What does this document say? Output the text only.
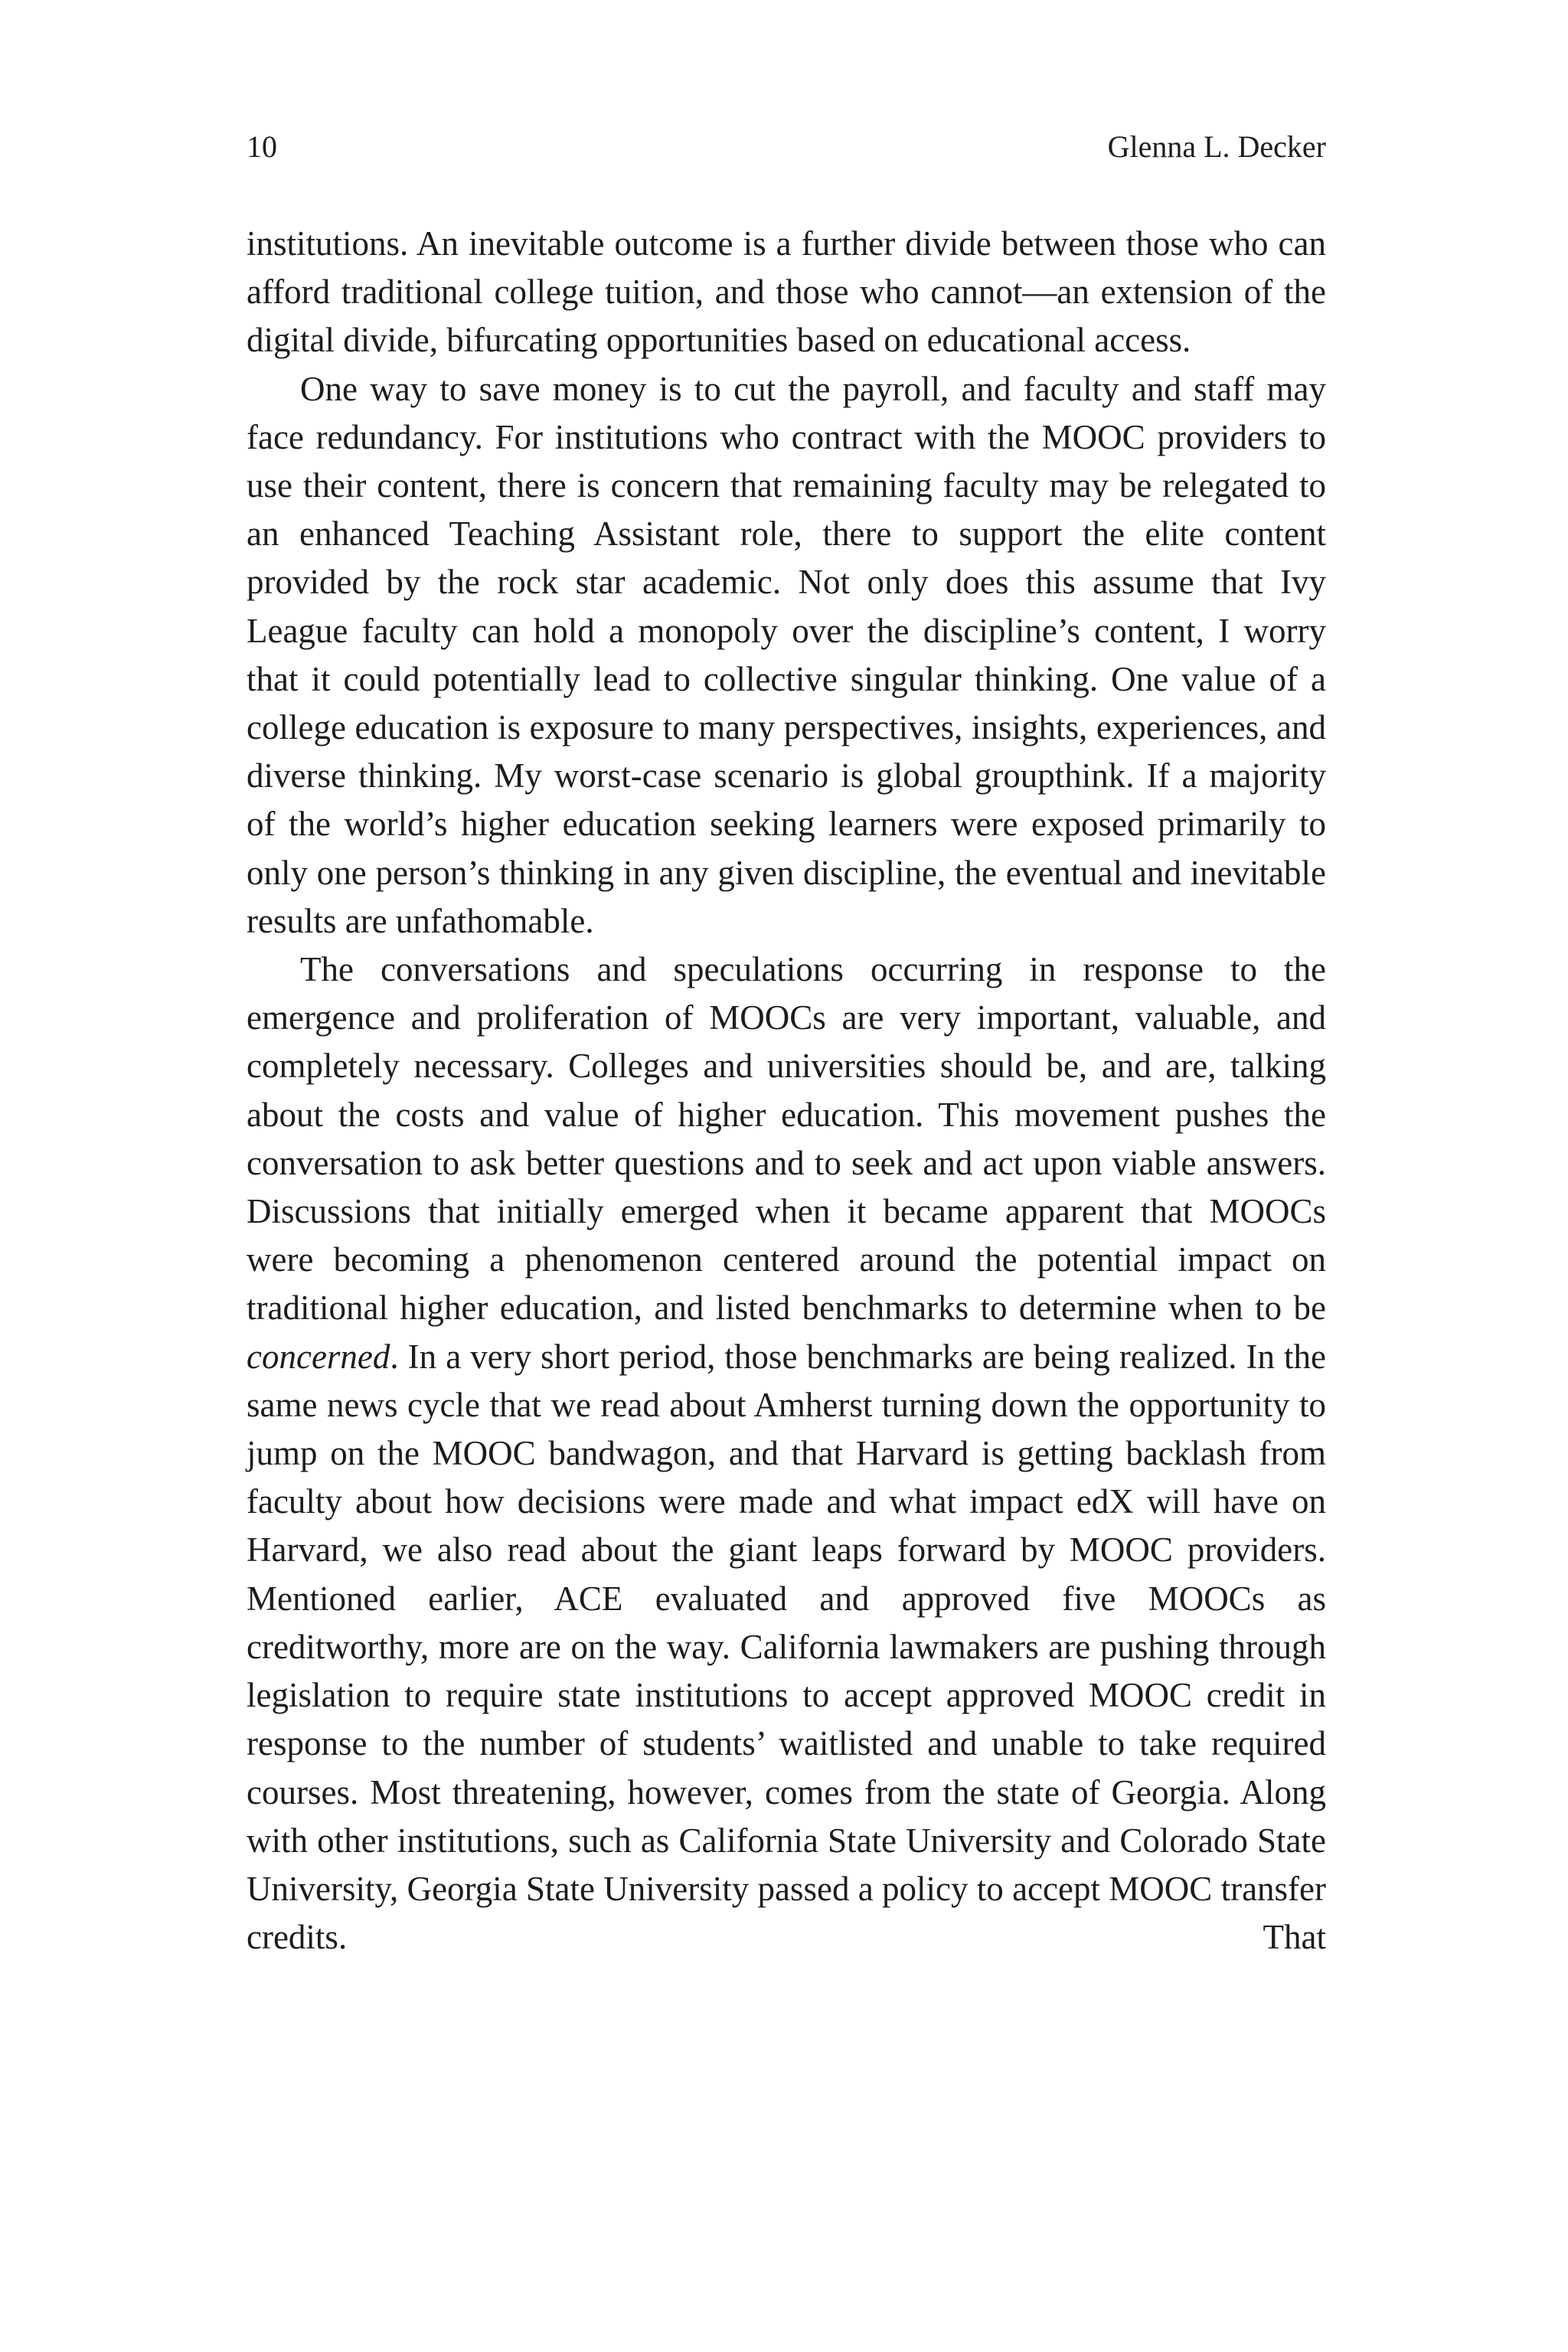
10	Glenna L. Decker

institutions. An inevitable outcome is a further divide between those who can afford traditional college tuition, and those who cannot—an extension of the digital divide, bifurcating opportunities based on educational access.

One way to save money is to cut the payroll, and faculty and staff may face redundancy. For institutions who contract with the MOOC providers to use their content, there is concern that remaining faculty may be relegated to an enhanced Teaching Assistant role, there to support the elite content provided by the rock star academic. Not only does this assume that Ivy League faculty can hold a monopoly over the discipline’s content, I worry that it could potentially lead to collective singular thinking. One value of a college education is exposure to many perspectives, insights, experiences, and diverse thinking. My worst-case scenario is global groupthink. If a majority of the world’s higher education seeking learners were exposed primarily to only one person’s thinking in any given discipline, the eventual and inevitable results are unfathomable.

The conversations and speculations occurring in response to the emergence and proliferation of MOOCs are very important, valuable, and completely necessary. Colleges and universities should be, and are, talking about the costs and value of higher education. This movement pushes the conversation to ask better questions and to seek and act upon viable answers. Discussions that initially emerged when it became apparent that MOOCs were becoming a phenomenon centered around the potential impact on traditional higher education, and listed benchmarks to determine when to be concerned. In a very short period, those benchmarks are being realized. In the same news cycle that we read about Amherst turning down the opportunity to jump on the MOOC bandwagon, and that Harvard is getting backlash from faculty about how decisions were made and what impact edX will have on Harvard, we also read about the giant leaps forward by MOOC providers. Mentioned earlier, ACE evaluated and approved five MOOCs as creditworthy, more are on the way. California lawmakers are pushing through legislation to require state institutions to accept approved MOOC credit in response to the number of students’ waitlisted and unable to take required courses. Most threatening, however, comes from the state of Georgia. Along with other institutions, such as California State University and Colorado State University, Georgia State University passed a policy to accept MOOC transfer credits. That
